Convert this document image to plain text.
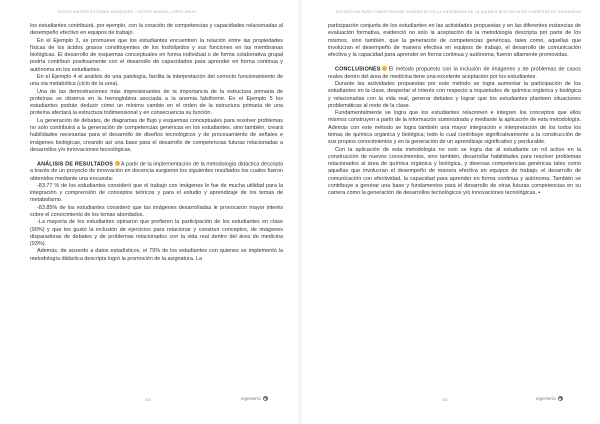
PEDRO ANDRÉS ESCOBAR MOSQUERA · VÍCTOR MANUEL LÓPEZ ARIAS

los estudiantes contribuirá, por ejemplo, con la creación de competencias y capacidades relacionadas al desempeño efectivo en equipos de trabajo.

En el Ejemplo 3, se promueve que los estudiantes encuentren la relación entre las propiedades físicas de los ácidos grasos constituyentes de los fosfolípidos y sus funciones en las membranas biológicas. El desarrollo de esquemas conceptuales en forma individual o de forma colaborativa grupal podría contribuir positivamente con el desarrollo de capacidades para aprender en forma continua y autónoma en los estudiantes.

En el Ejemplo 4 el análisis de una patología, facilita la interpretación del correcto funcionamiento de una vía metabólica (ciclo de la urea).

Una de las demostraciones más impresionantes de la importancia de la estructura primaria de proteínas se observa en la hemoglobina asociada a la anemia falsiforme. En el Ejemplo 5 los estudiantes podrán deducir cómo un mínimo cambio en el orden de la estructura primaria de una proteína afectará la estructura tridimensional y en consecuencia su función.

La generación de debates, de diagramas de flujo y esquemas conceptuales para resolver problemas no solo contribuirá a la generación de competencias genéricas en los estudiantes, sino también, creará habilidades necesarias para el desarrollo de diseños tecnológicos y de procesamiento de señales e imágenes biológicas, creando así una base para el desarrollo de competencias futuras relacionadas a desarrollos y/o innovaciones tecnológicas.

ANÁLISIS DE RESULTADOS A partir de la implementación de la metodología didáctica descripta a través de un proyecto de innovación en docencia surgieron los siguientes resultados los cuales fueron obtenidos mediante una encuesta:

-83.77 % de los estudiantes consideró que el trabajo con imágenes le fue de mucha utilidad para la integración y comprensión de conceptos teóricos y para el estudio y aprendizaje de los temas de metabolismo.

-83.85% de los estudiantes consideró que las imágenes desarrolladas le provocaron mayor interés sobre el conocimiento de los temas abordados.

-La mayoría de los estudiantes opinaron que prefieren la participación de los estudiantes en clase (90%) y que les gustó la inclusión de ejercicios para relacionar y construir conceptos, de imágenes disparadoras de debates y de problemas relacionados con la vida real dentro del área de medicina (93%).

Además, de acuerdo a datos estadísticos, el 79% de los estudiantes con quienes se implementó la metodología didáctica descripta logró la promoción de la asignatura. La

000	Ingeniería
ESTRATEGIA PARA COMPETENCIAS GENÉRICAS EN LA ENSEÑANZA DE LA QUÍMICA BIOLÓGICA EN CARRERAS DE INGENIERÍA

participación conjunta de los estudiantes en las actividades propuestas y en las diferentes instancias de evaluación formativa, evidenció no solo la aceptación de la metodología descripta por parte de los mismos, sino también, que la generación de competencias genéricas, tales como, aquellas que involucran el desempeño de manera efectiva en equipos de trabajo, el desarrollo de comunicación efectiva y la capacidad para aprender en forma continua y autónoma, fueron altamente promovidas.

CONCLUSIONES El método propuesto con la inclusión de imágenes y de problemas de casos reales dentro del área de medicina tiene una excelente aceptación por los estudiantes.

Durante las actividades propuestas por este método se logra aumentar la participación de los estudiantes en la clase, despertar el interés con respecto a inquietudes de química orgánica y biológica y relacionarlas con la vida real, generar debates y lograr que los estudiantes planteen situaciones problemáticas al resto de la clase.

Fundamentalmente se logra que los estudiantes relacionen e integren los conceptos que ellos mismos construyen a partir de la información suministrada y mediante la aplicación de esta metodología. Además con este método se logra también una mayor integración e interpretación de los todos los temas de química orgánica y biológica; todo lo cual contribuye significativamente a la construcción de sus propios conocimientos y en la generación de un aprendizaje significativo y perdurable.

Con la aplicación de esta metodología no solo se logra dar al estudiante un rol activo en la construcción de nuevos conocimientos, sino también, desarrollar habilidades para resolver problemas relacionados al área de química orgánica y biológica, y diversas competencias genéricas tales como aquellas que involucran el desempeño de manera efectiva en equipos de trabajo, el desarrollo de comunicación con efectividad, la capacidad para aprender en forma continua y autónoma. También se contribuye a generar una base y fundamentos para el desarrollo de otras futuras competencias en su carrera como la generación de desarrollos tecnológicos y/o innovaciones tecnológicas. ▪

000	Ingeniería
